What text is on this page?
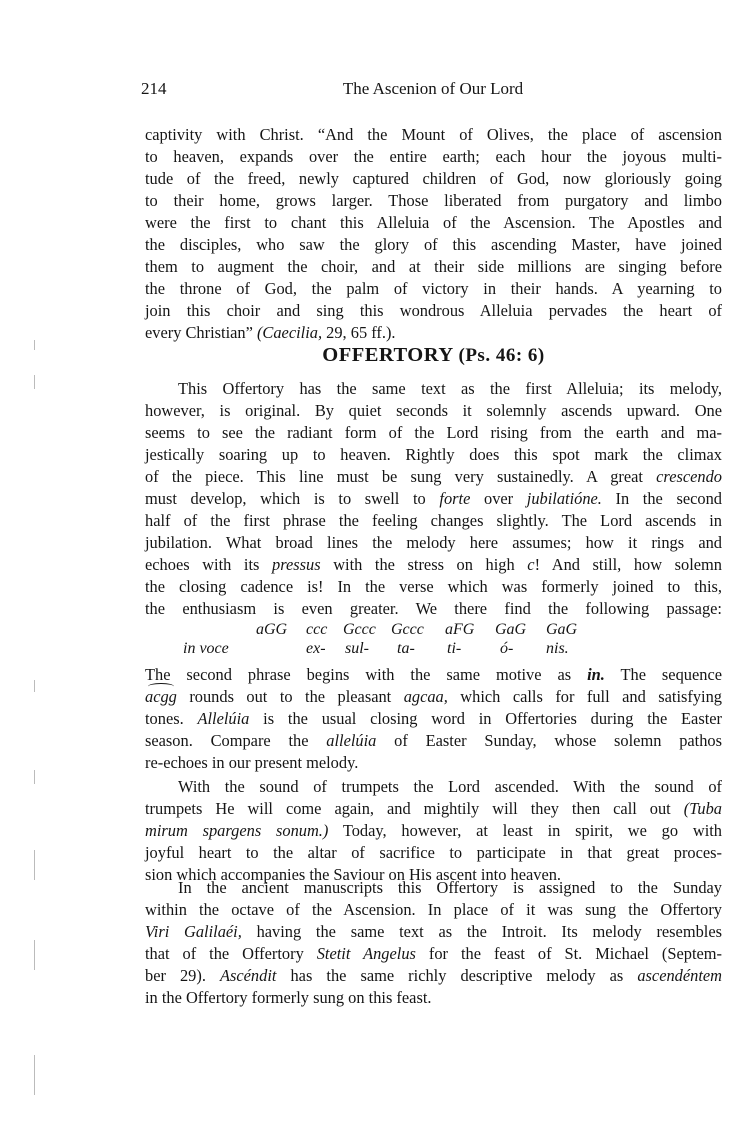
214	The Ascenion of Our Lord
captivity with Christ. “And the Mount of Olives, the place of ascension
to heaven, expands over the entire earth; each hour the joyous multi-
tude of the freed, newly captured children of God, now gloriously going
to their home, grows larger. Those liberated from purgatory and limbo
were the first to chant this Alleluia of the Ascension. The Apostles and
the disciples, who saw the glory of this ascending Master, have joined
them to augment the choir, and at their side millions are singing before
the throne of God, the palm of victory in their hands. A yearning to
join this choir and sing this wondrous Alleluia pervades the heart of
every Christian” (Caecilia, 29, 65 ff.).
OFFERTORY (Ps. 46: 6)
This Offertory has the same text as the first Alleluia; its melody,
however, is original. By quiet seconds it solemnly ascends upward. One
seems to see the radiant form of the Lord rising from the earth and ma-
jestically soaring up to heaven. Rightly does this spot mark the climax
of the piece. This line must be sung very sustainedly. A great crescendo
must develop, which is to swell to forte over jubilatióne. In the second
half of the first phrase the feeling changes slightly. The Lord ascends in
jubilation. What broad lines the melody here assumes; how it rings and
echoes with its pressus with the stress on high c! And still, how solemn
the closing cadence is! In the verse which was formerly joined to this,
the enthusiasm is even greater. We there find the following passage:
aGG ccc Gccc Gccc aFG GaG GaG
in voce	ex- sul- ta- ti- ó- nis.
The second phrase begins with the same motive as in. The sequence
acgg rounds out to the pleasant agcaa, which calls for full and satisfying
tones. Allelúia is the usual closing word in Offertories during the Easter
season. Compare the allelúia of Easter Sunday, whose solemn pathos
re-echoes in our present melody.
With the sound of trumpets the Lord ascended. With the sound of
trumpets He will come again, and mightily will they then call out (Tuba
mirum spargens sonum.) Today, however, at least in spirit, we go with
joyful heart to the altar of sacrifice to participate in that great proces-
sion which accompanies the Saviour on His ascent into heaven.
In the ancient manuscripts this Offertory is assigned to the Sunday
within the octave of the Ascension. In place of it was sung the Offertory
Viri Galilaéi, having the same text as the Introit. Its melody resembles
that of the Offertory Stetit Angelus for the feast of St. Michael (Septem-
ber 29). Ascéndit has the same richly descriptive melody as ascendéntem
in the Offertory formerly sung on this feast.
